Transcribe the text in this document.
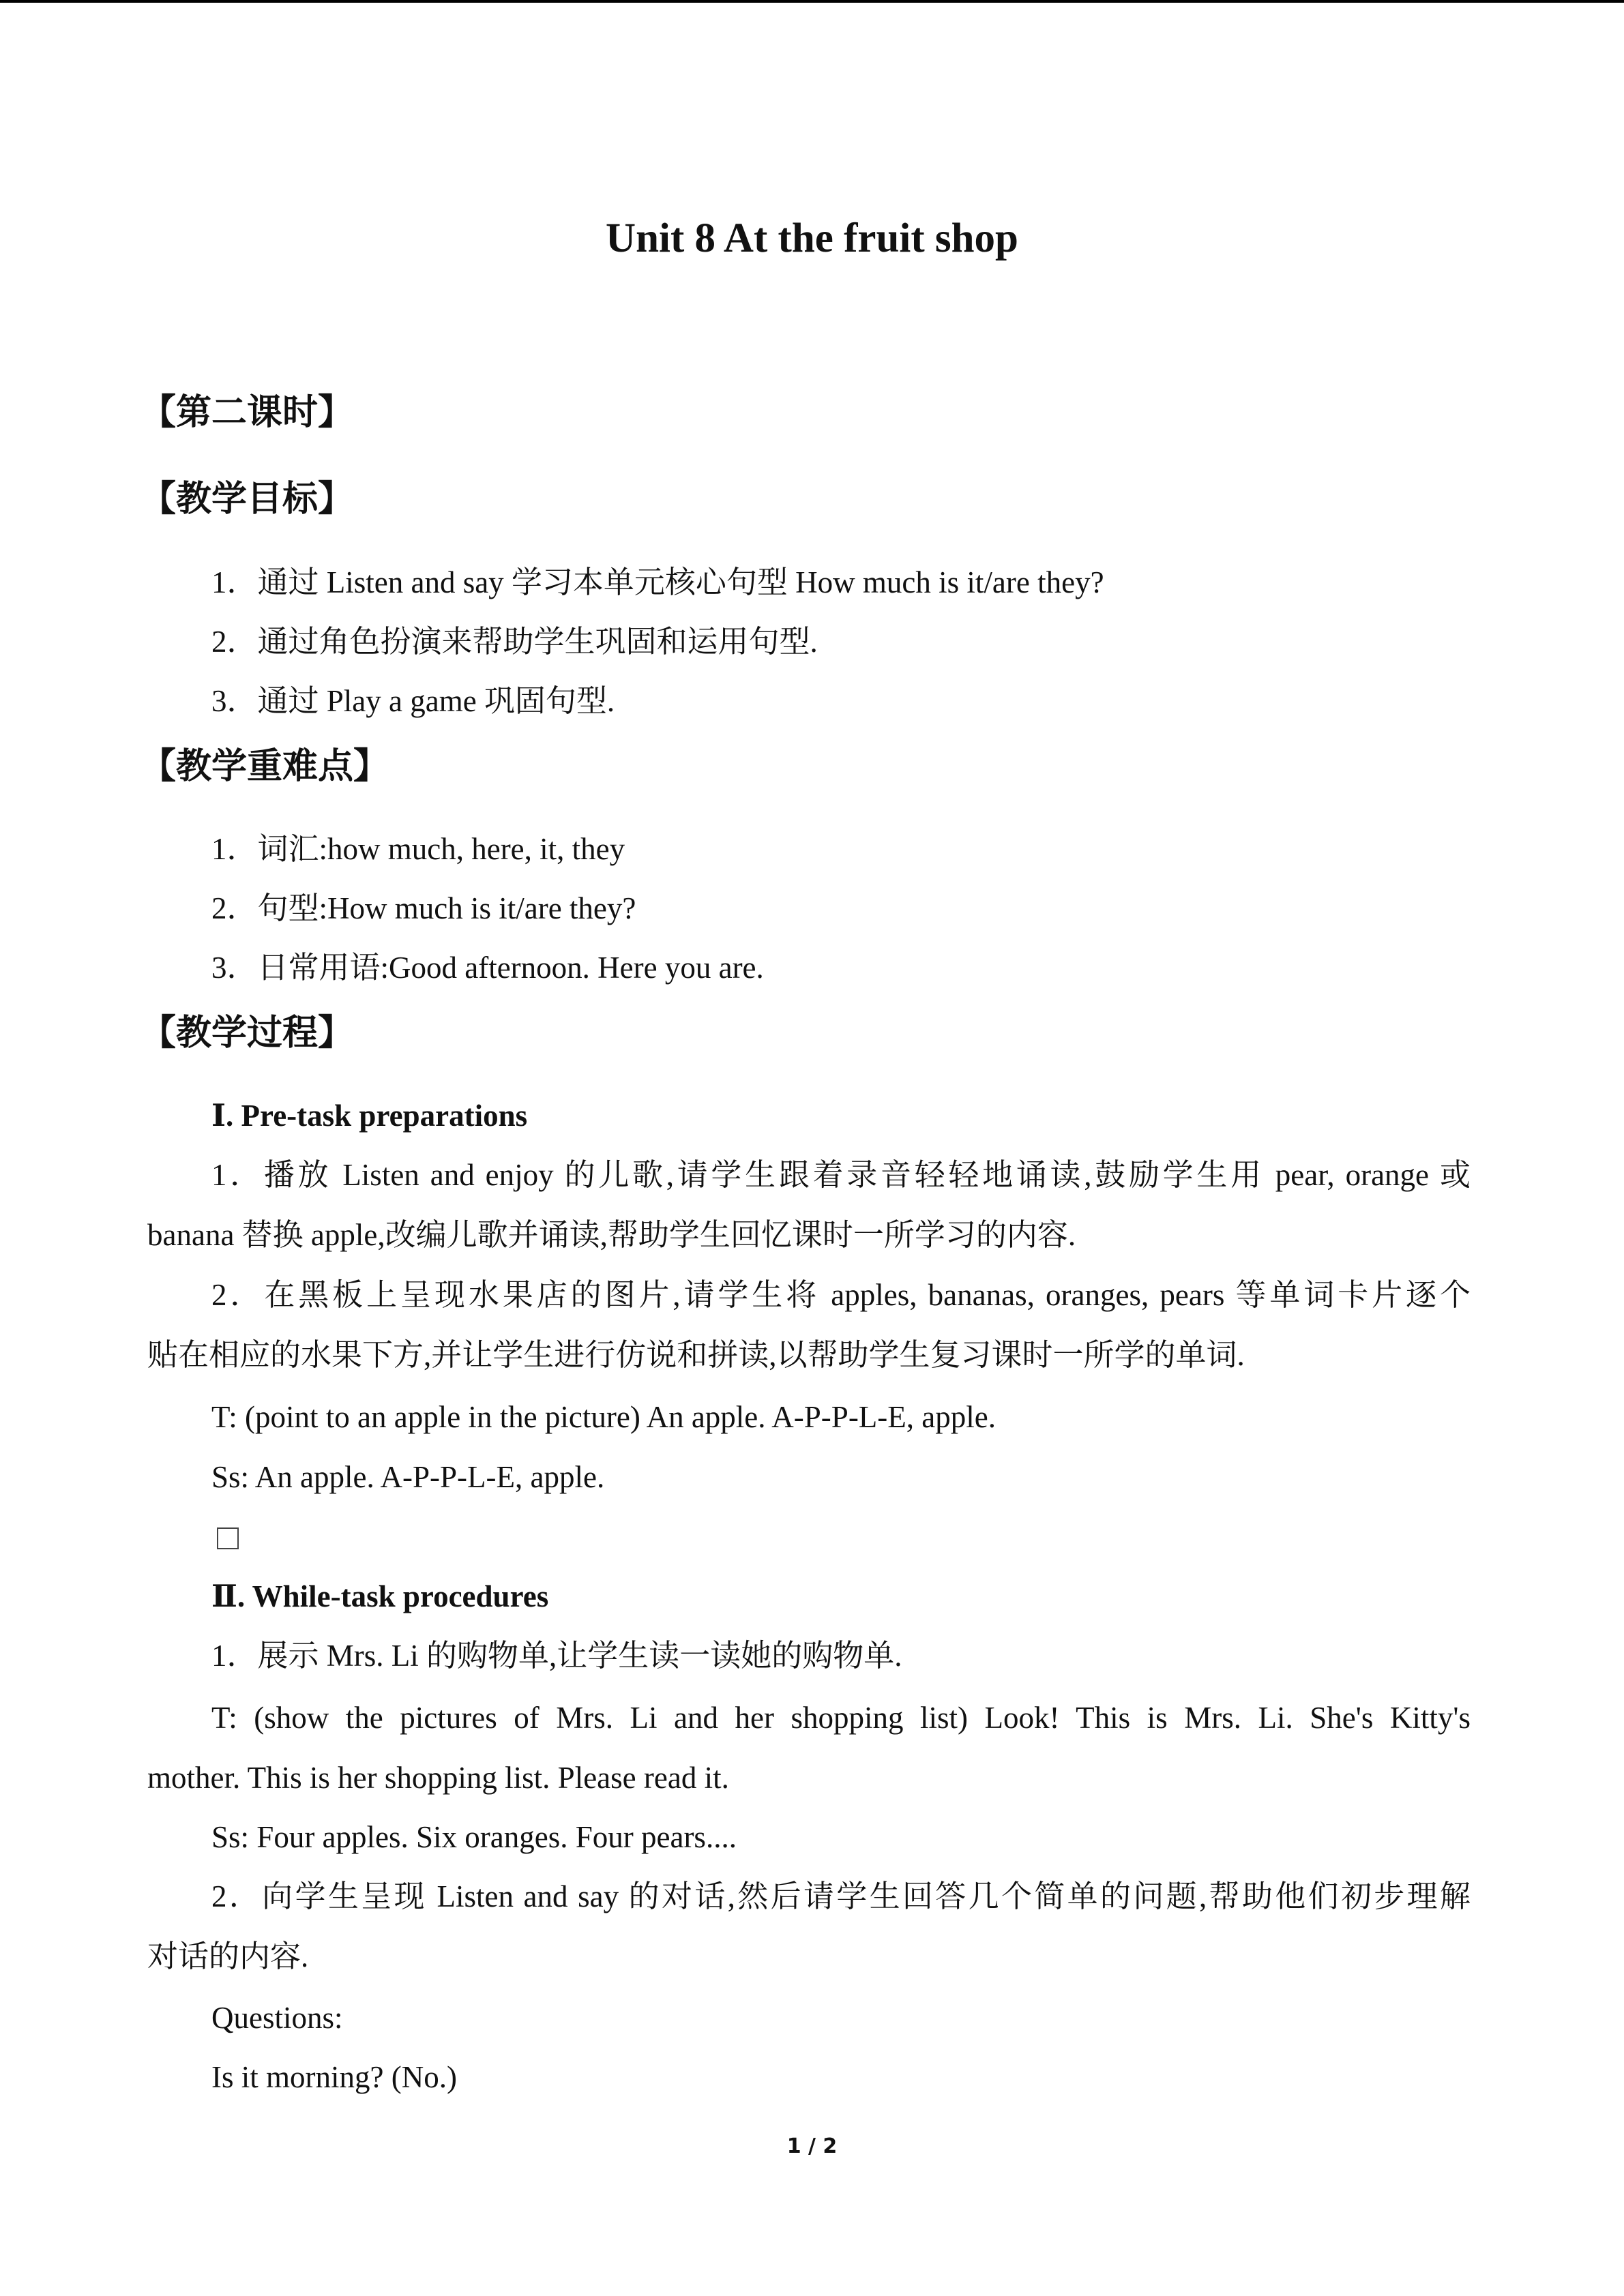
Unit 8 At the fruit shop
【第二课时】
【教学目标】
1．通过 Listen and say 学习本单元核心句型 How much is it/are they?
2．通过角色扮演来帮助学生巩固和运用句型.
3．通过 Play a game 巩固句型.
【教学重难点】
1．词汇:how much, here, it, they
2．句型:How much is it/are they?
3．日常用语:Good afternoon. Here you are.
【教学过程】
Ⅰ. Pre-task preparations
1．播放 Listen and enjoy 的儿歌,请学生跟着录音轻轻地诵读,鼓励学生用 pear, orange 或
banana 替换 apple,改编儿歌并诵读,帮助学生回忆课时一所学习的内容.
2．在黑板上呈现水果店的图片,请学生将 apples, bananas, oranges, pears 等单词卡片逐个
贴在相应的水果下方,并让学生进行仿说和拼读,以帮助学生复习课时一所学的单词.
T: (point to an apple in the picture) An apple. A-P-P-L-E, apple.
Ss: An apple. A-P-P-L-E, apple.
Ⅱ. While-task procedures
1．展示 Mrs. Li 的购物单,让学生读一读她的购物单.
T: (show the pictures of Mrs. Li and her shopping list) Look! This is Mrs. Li. She's Kitty's
mother. This is her shopping list. Please read it.
Ss: Four apples. Six oranges. Four pears....
2．向学生呈现 Listen and say 的对话,然后请学生回答几个简单的问题,帮助他们初步理解
对话的内容.
Questions:
Is it morning? (No.)
1 / 2
